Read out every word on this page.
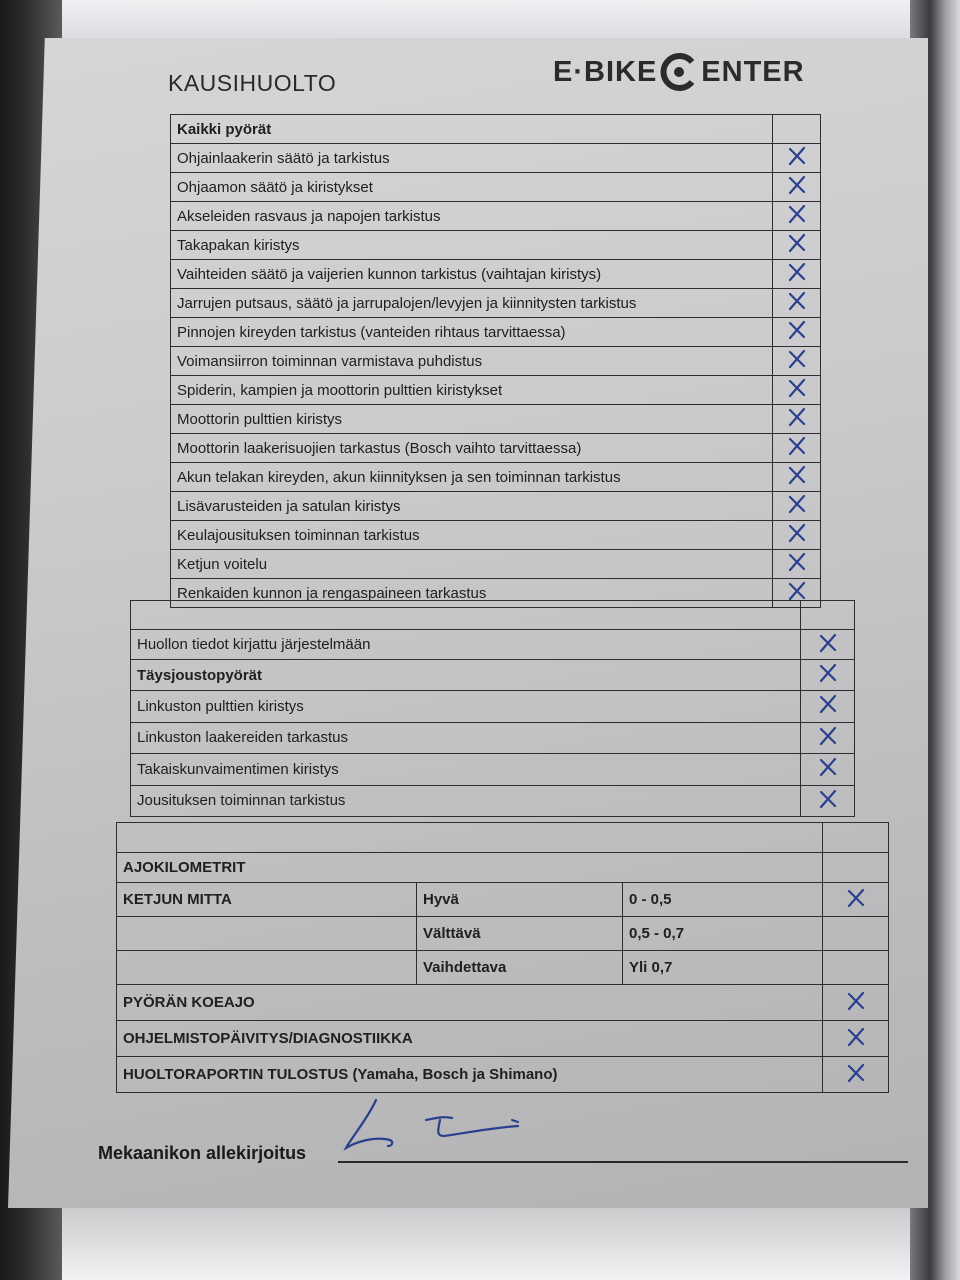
KAUSIHUOLTO	E·BIKE ENTER
Kaikki pyörät	
Ohjainlaakerin säätö ja tarkistus	
Ohjaamon säätö ja kiristykset	
Akseleiden rasvaus ja napojen tarkistus	
Takapakan kiristys	
Vaihteiden säätö ja vaijerien kunnon tarkistus (vaihtajan kiristys)	
Jarrujen putsaus, säätö ja jarrupalojen/levyjen ja kiinnitysten tarkistus	
Pinnojen kireyden tarkistus (vanteiden rihtaus tarvittaessa)	
Voimansiirron toiminnan varmistava puhdistus	
Spiderin, kampien ja moottorin pulttien kiristykset	
Moottorin pulttien kiristys	
Moottorin laakerisuojien tarkastus (Bosch vaihto tarvittaessa)	
Akun telakan kireyden, akun kiinnityksen ja sen toiminnan tarkistus	
Lisävarusteiden ja satulan kiristys	
Keulajousituksen toiminnan tarkistus	
Ketjun voitelu	
Renkaiden kunnon ja rengaspaineen tarkastus	

Huollon tiedot kirjattu järjestelmään	
Täysjoustopyörät	
Linkuston pulttien kiristys	
Linkuston laakereiden tarkastus	
Takaiskunvaimentimen kiristys	
Jousituksen toiminnan tarkistus	

AJOKILOMETRIT			
KETJUN MITTA	Hyvä	0 - 0,5	
	Välttävä	0,5 - 0,7	
	Vaihdettava	Yli 0,7	
PYÖRÄN KOEAJO	
OHJELMISTOPÄIVITYS/DIAGNOSTIIKKA	
HUOLTORAPORTIN TULOSTUS (Yamaha, Bosch ja Shimano)	
Mekaanikon allekirjoitus
